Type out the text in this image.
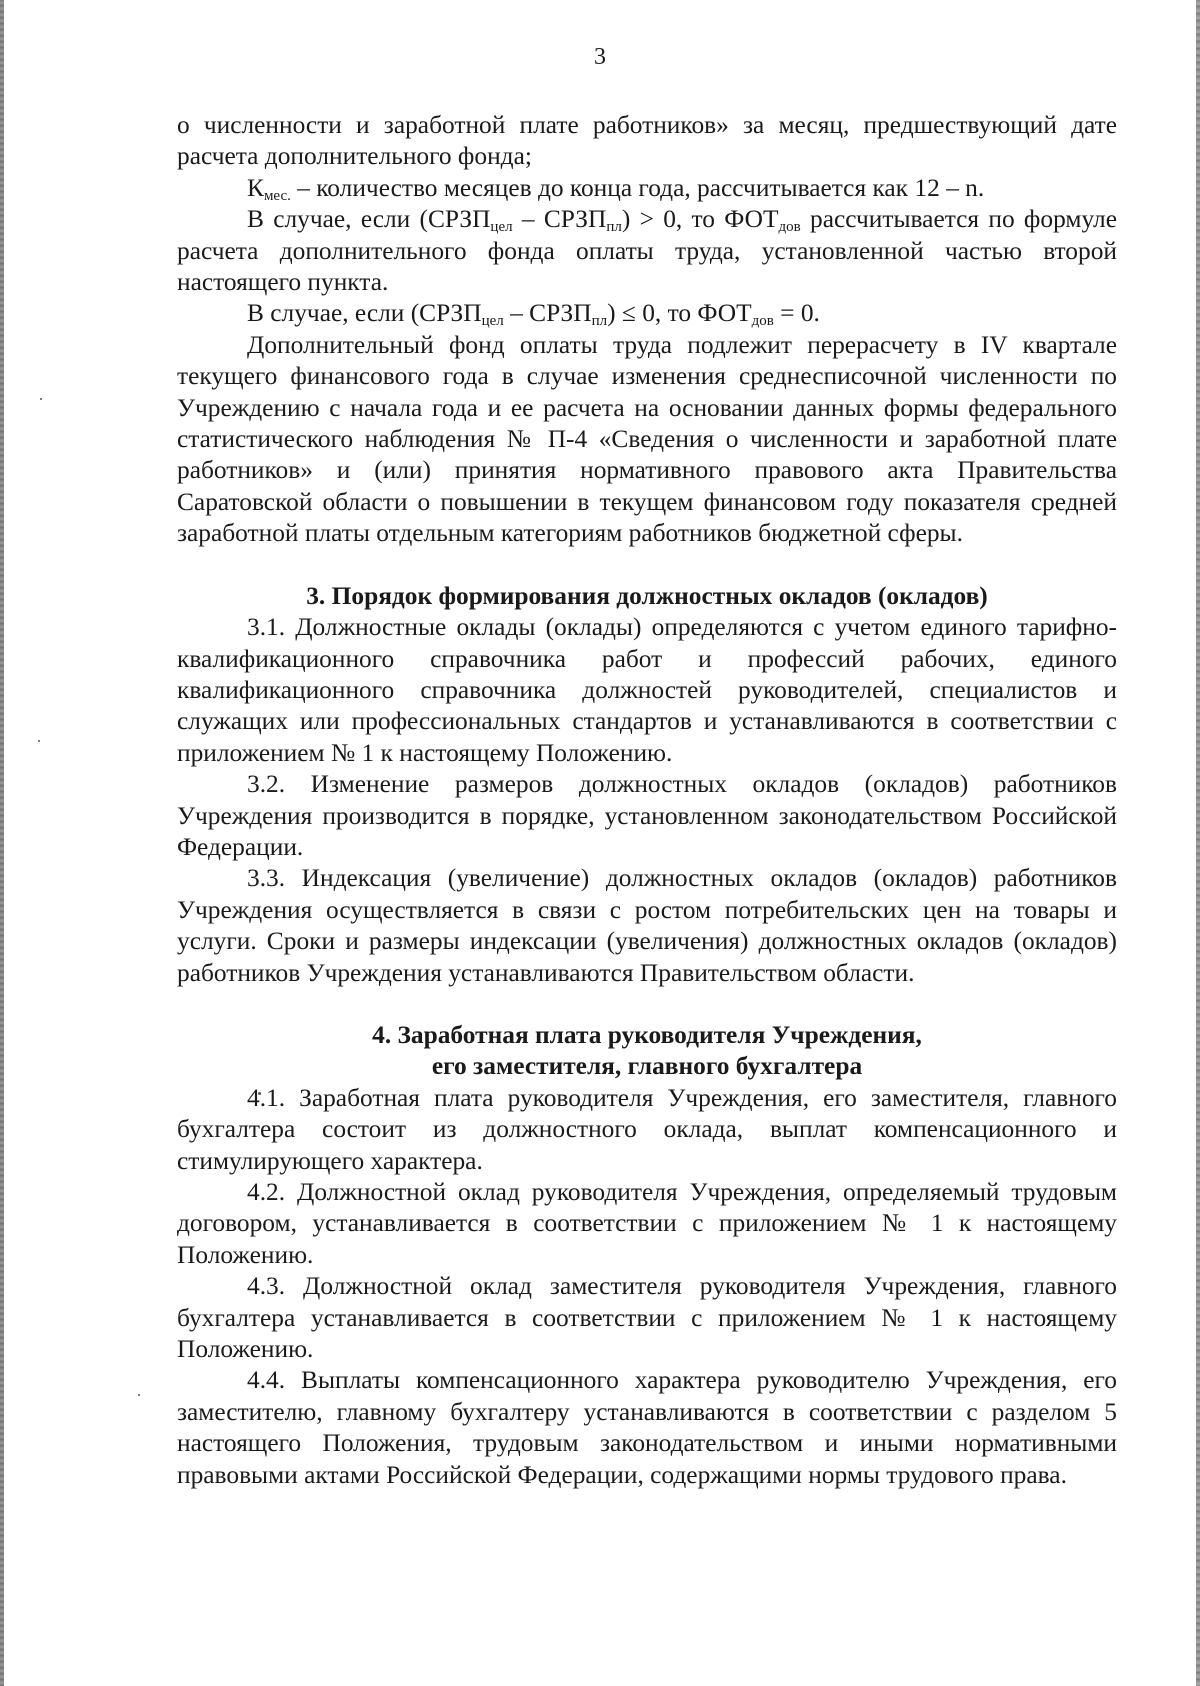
3

о численности и заработной плате работников» за месяц, предшествующий дате расчета дополнительного фонда;

$К_{мес.}$ – количество месяцев до конца года, рассчитывается как 12 – n.

В случае, если ($СРЗП_{цел}$ – $СРЗП_{пл}) > 0$, то $ФОТ_{дов}$ рассчитывается по формуле расчета дополнительного фонда оплаты труда, установленной частью второй настоящего пункта.

В случае, если ($СРЗП_{цел}$ – $СРЗП_{пл}) \le 0$, то $ФОТ_{дов} = 0$.

Дополнительный фонд оплаты труда подлежит перерасчету в IV квартале текущего финансового года в случае изменения среднесписочной численности по Учреждению с начала года и ее расчета на основании данных формы федерального статистического наблюдения № П-4 «Сведения о численности и заработной плате работников» и (или) принятия нормативного правового акта Правительства Саратовской области о повышении в текущем финансовом году показателя средней заработной платы отдельным категориям работников бюджетной сферы.

3. Порядок формирования должностных окладов (окладов)

3.1. Должностные оклады (оклады) определяются с учетом единого тарифно-квалификационного справочника работ и профессий рабочих, единого квалификационного справочника должностей руководителей, специалистов и служащих или профессиональных стандартов и устанавливаются в соответствии с приложением № 1 к настоящему Положению.

3.2. Изменение размеров должностных окладов (окладов) работников Учреждения производится в порядке, установленном законодательством Российской Федерации.

3.3. Индексация (увеличение) должностных окладов (окладов) работников Учреждения осуществляется в связи с ростом потребительских цен на товары и услуги. Сроки и размеры индексации (увеличения) должностных окладов (окладов) работников Учреждения устанавливаются Правительством области.

4. Заработная плата руководителя Учреждения,

его заместителя, главного бухгалтера

4.1. Заработная плата руководителя Учреждения, его заместителя, главного бухгалтера состоит из должностного оклада, выплат компенсационного и стимулирующего характера.

4.2. Должностной оклад руководителя Учреждения, определяемый трудовым договором, устанавливается в соответствии с приложением № 1 к настоящему Положению.

4.3. Должностной оклад заместителя руководителя Учреждения, главного бухгалтера устанавливается в соответствии с приложением № 1 к настоящему Положению.

4.4. Выплаты компенсационного характера руководителю Учреждения, его заместителю, главному бухгалтеру устанавливаются в соответствии с разделом 5 настоящего Положения, трудовым законодательством и иными нормативными правовыми актами Российской Федерации, содержащими нормы трудового права.
